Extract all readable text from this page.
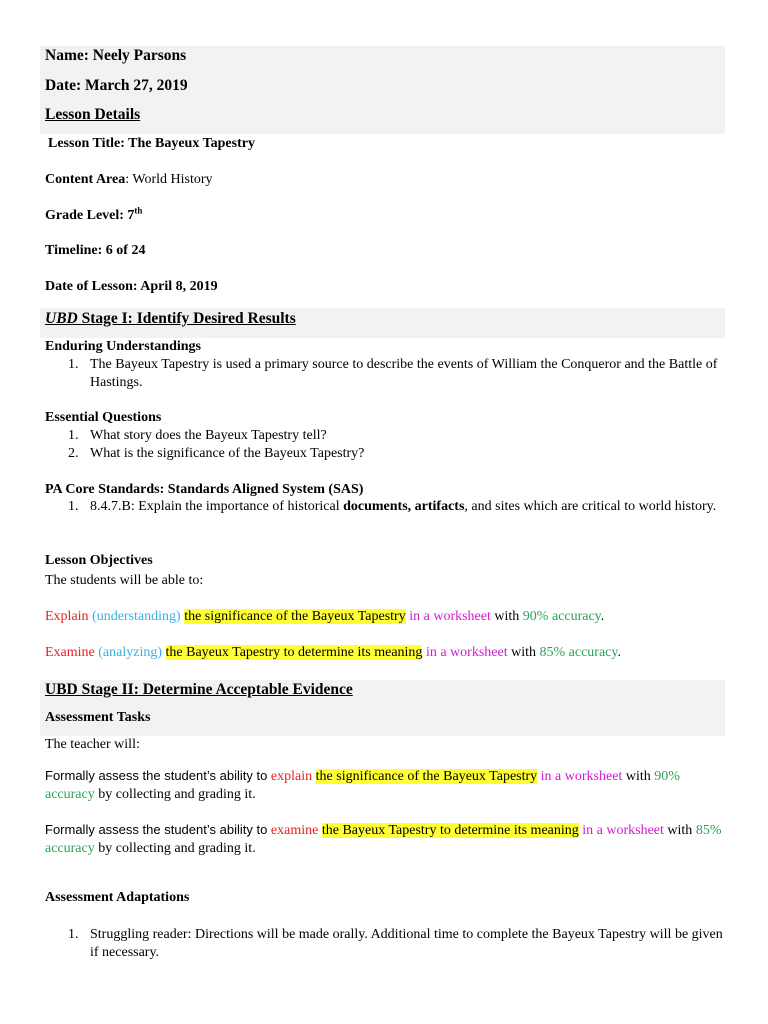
Name: Neely Parsons
Date: March 27, 2019
Lesson Details
Lesson Title: The Bayeux Tapestry
Content Area: World History
Grade Level: 7th
Timeline: 6 of 24
Date of Lesson: April 8, 2019
UBD Stage I: Identify Desired Results
Enduring Understandings
1. The Bayeux Tapestry is used a primary source to describe the events of William the Conqueror and the Battle of Hastings.
Essential Questions
1. What story does the Bayeux Tapestry tell?
2. What is the significance of the Bayeux Tapestry?
PA Core Standards: Standards Aligned System (SAS)
1. 8.4.7.B: Explain the importance of historical documents, artifacts, and sites which are critical to world history.
Lesson Objectives
The students will be able to:
Explain (understanding) the significance of the Bayeux Tapestry in a worksheet with 90% accuracy.
Examine (analyzing) the Bayeux Tapestry to determine its meaning in a worksheet with 85% accuracy.
UBD Stage II: Determine Acceptable Evidence
Assessment Tasks
The teacher will:
Formally assess the student’s ability to explain the significance of the Bayeux Tapestry in a worksheet with 90% accuracy by collecting and grading it.
Formally assess the student’s ability to examine the Bayeux Tapestry to determine its meaning in a worksheet with 85% accuracy by collecting and grading it.
Assessment Adaptations
1. Struggling reader: Directions will be made orally. Additional time to complete the Bayeux Tapestry will be given if necessary.
